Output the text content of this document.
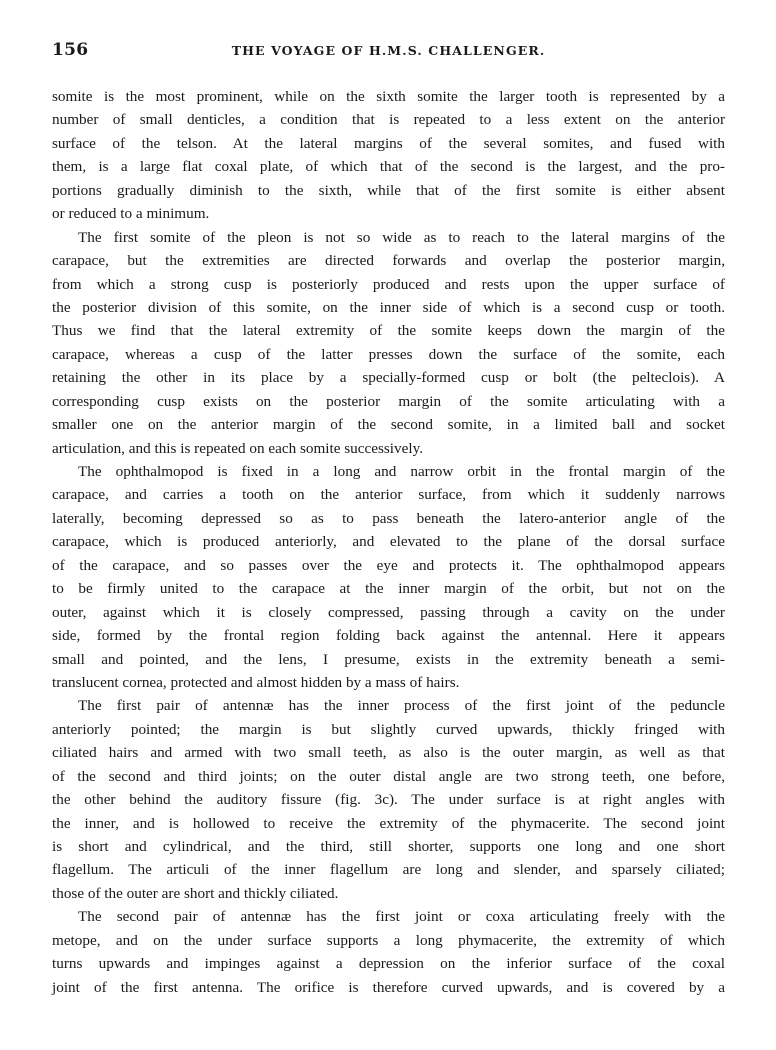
156	THE VOYAGE OF H.M.S. CHALLENGER.
somite is the most prominent, while on the sixth somite the larger tooth is represented by a
number of small denticles, a condition that is repeated to a less extent on the anterior
surface of the telson. At the lateral margins of the several somites, and fused with
them, is a large flat coxal plate, of which that of the second is the largest, and the pro-
portions gradually diminish to the sixth, while that of the first somite is either absent
or reduced to a minimum.
The first somite of the pleon is not so wide as to reach to the lateral margins of the
carapace, but the extremities are directed forwards and overlap the posterior margin,
from which a strong cusp is posteriorly produced and rests upon the upper surface of
the posterior division of this somite, on the inner side of which is a second cusp or tooth.
Thus we find that the lateral extremity of the somite keeps down the margin of the
carapace, whereas a cusp of the latter presses down the surface of the somite, each
retaining the other in its place by a specially-formed cusp or bolt (the pelteclois). A
corresponding cusp exists on the posterior margin of the somite articulating with a
smaller one on the anterior margin of the second somite, in a limited ball and socket
articulation, and this is repeated on each somite successively.
The ophthalmopod is fixed in a long and narrow orbit in the frontal margin of the
carapace, and carries a tooth on the anterior surface, from which it suddenly narrows
laterally, becoming depressed so as to pass beneath the latero-anterior angle of the
carapace, which is produced anteriorly, and elevated to the plane of the dorsal surface
of the carapace, and so passes over the eye and protects it. The ophthalmopod appears
to be firmly united to the carapace at the inner margin of the orbit, but not on the
outer, against which it is closely compressed, passing through a cavity on the under
side, formed by the frontal region folding back against the antennal. Here it appears
small and pointed, and the lens, I presume, exists in the extremity beneath a semi-
translucent cornea, protected and almost hidden by a mass of hairs.
The first pair of antennæ has the inner process of the first joint of the peduncle
anteriorly pointed; the margin is but slightly curved upwards, thickly fringed with
ciliated hairs and armed with two small teeth, as also is the outer margin, as well as that
of the second and third joints; on the outer distal angle are two strong teeth, one before,
the other behind the auditory fissure (fig. 3c). The under surface is at right angles with
the inner, and is hollowed to receive the extremity of the phymacerite. The second joint
is short and cylindrical, and the third, still shorter, supports one long and one short
flagellum. The articuli of the inner flagellum are long and slender, and sparsely ciliated;
those of the outer are short and thickly ciliated.
The second pair of antennæ has the first joint or coxa articulating freely with the
metope, and on the under surface supports a long phymacerite, the extremity of which
turns upwards and impinges against a depression on the inferior surface of the coxal
joint of the first antenna. The orifice is therefore curved upwards, and is covered by a
